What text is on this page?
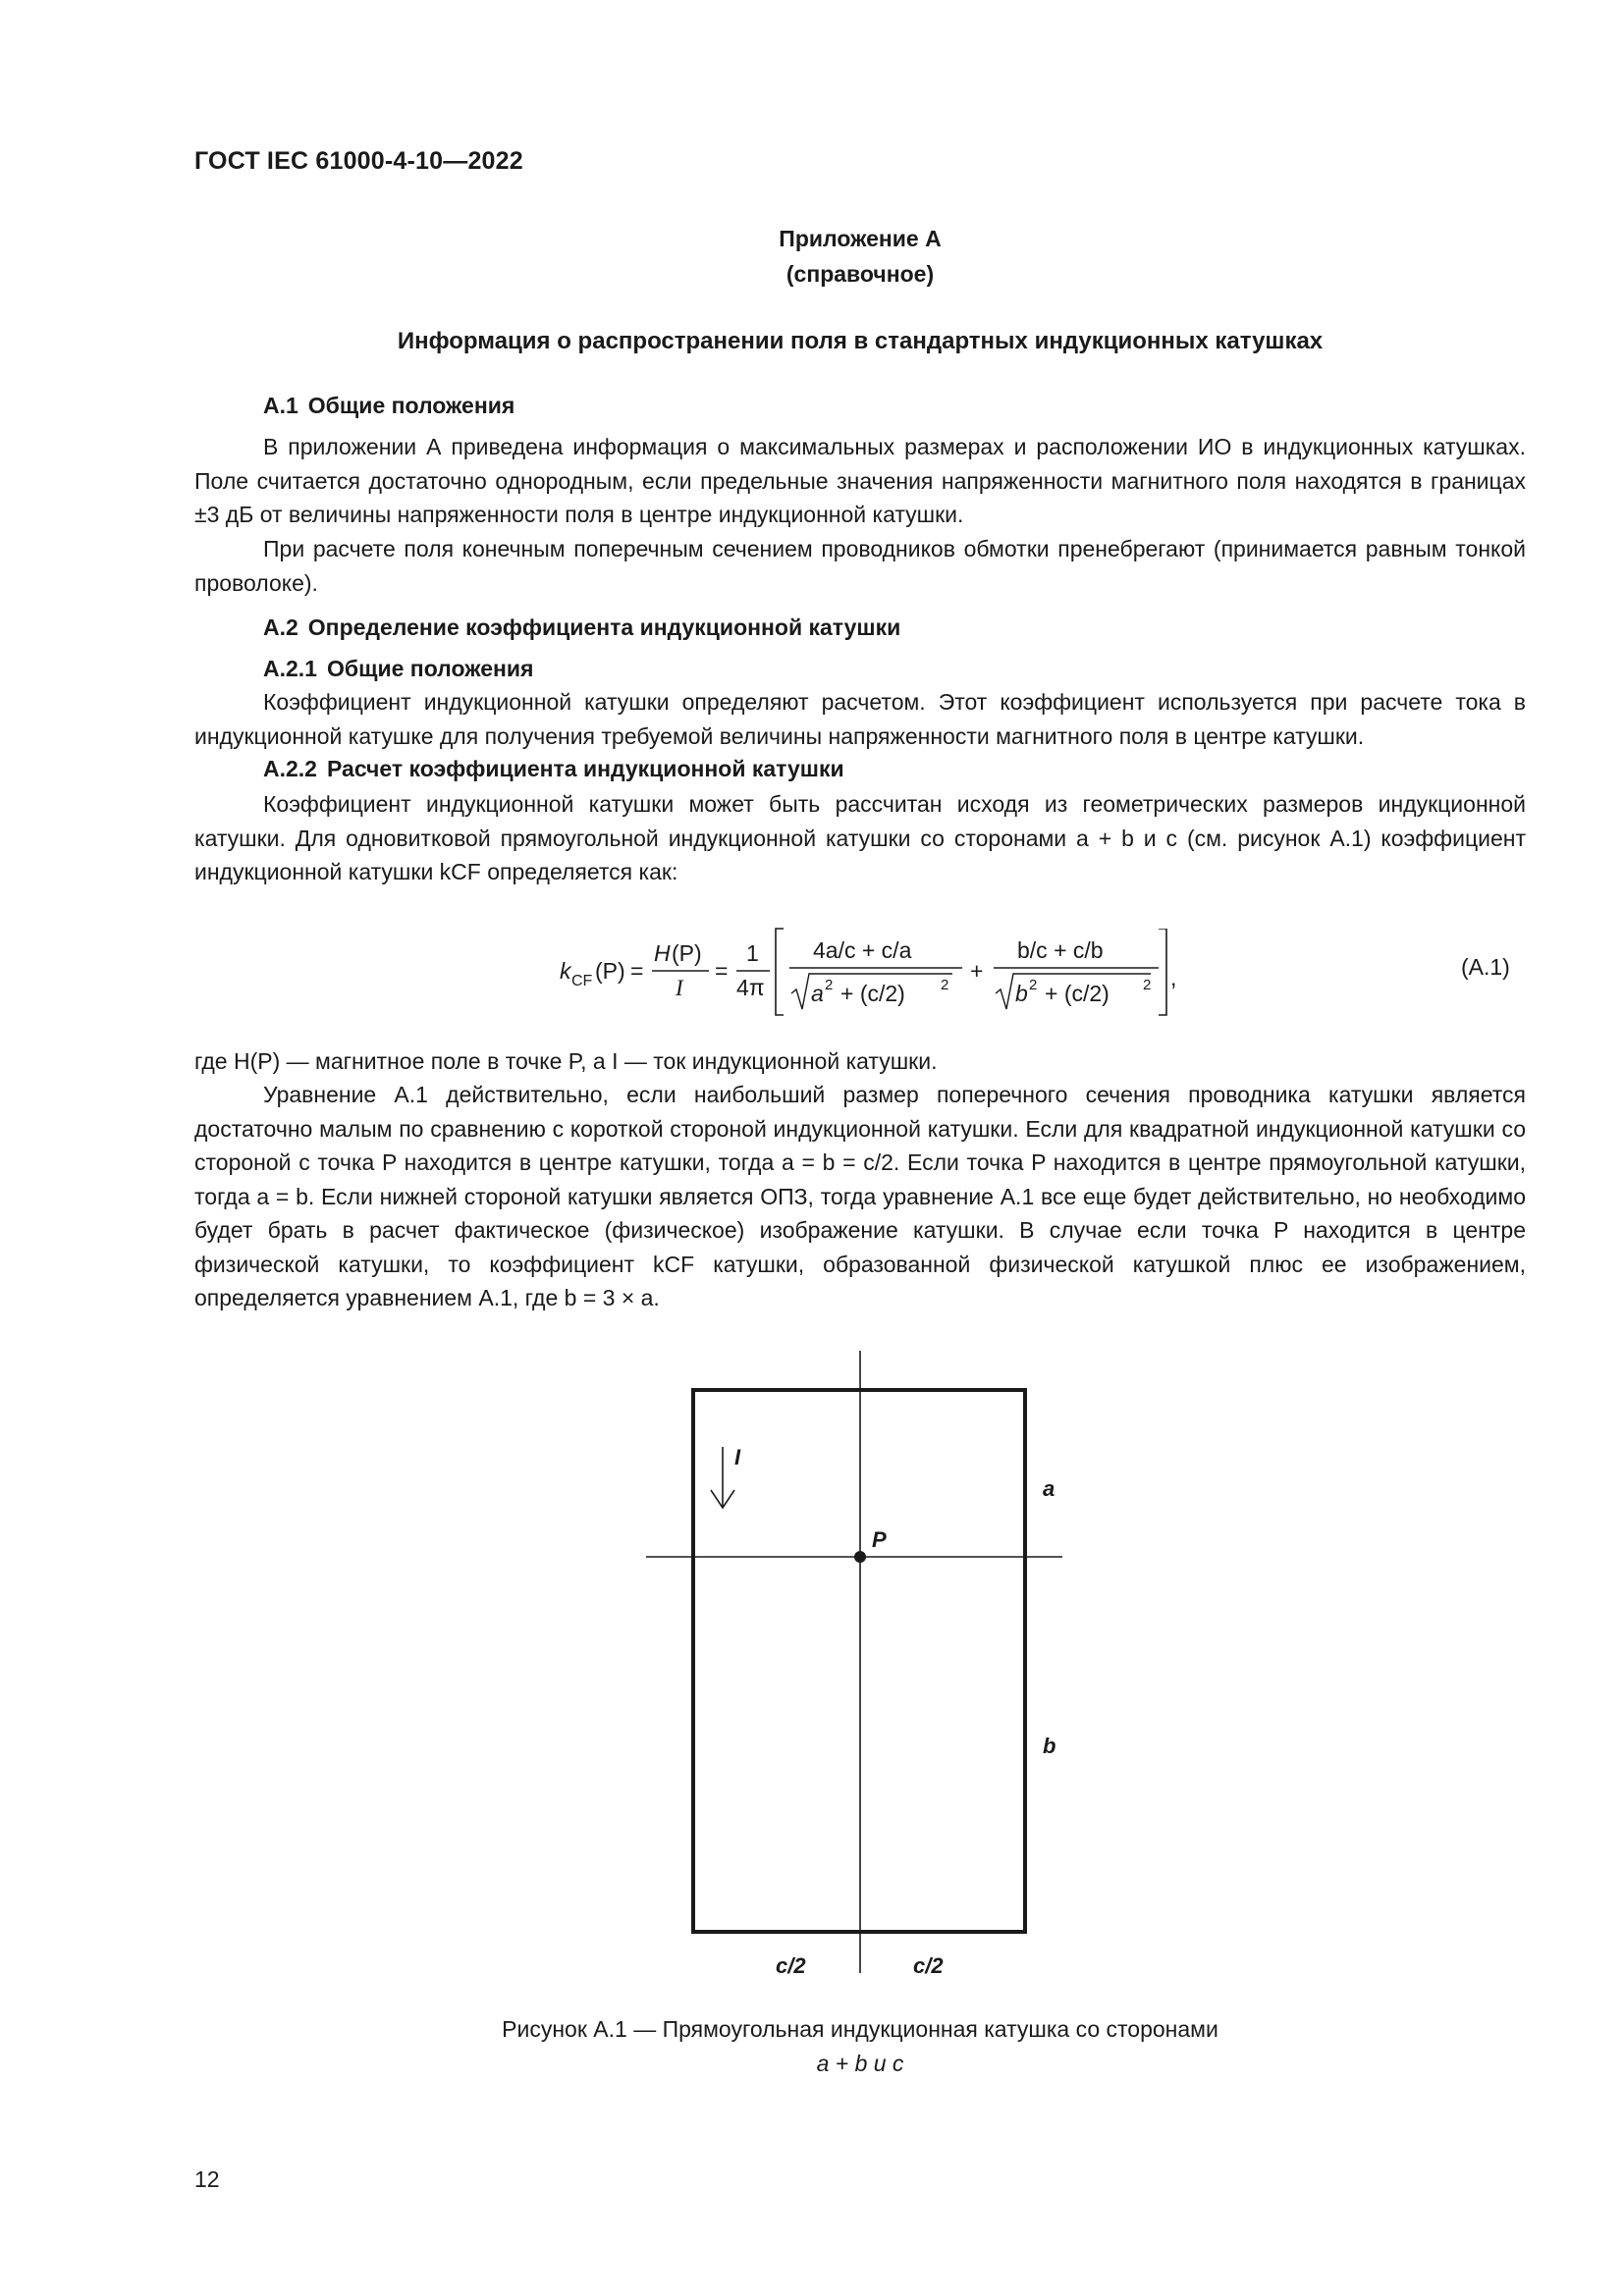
ГОСТ IEC 61000-4-10—2022
Приложение А
(справочное)
Информация о распространении поля в стандартных индукционных катушках
А.1 Общие положения
В приложении А приведена информация о максимальных размерах и расположении ИО в индукционных катушках. Поле считается достаточно однородным, если предельные значения напряженности магнитного поля находятся в границах ±3 дБ от величины напряженности поля в центре индукционной катушки.
При расчете поля конечным поперечным сечением проводников обмотки пренебрегают (принимается равным тонкой проволоке).
А.2 Определение коэффициента индукционной катушки
А.2.1 Общие положения
Коэффициент индукционной катушки определяют расчетом. Этот коэффициент используется при расчете тока в индукционной катушке для получения требуемой величины напряженности магнитного поля в центре катушки.
А.2.2 Расчет коэффициента индукционной катушки
Коэффициент индукционной катушки может быть рассчитан исходя из геометрических размеров индукционной катушки. Для одновитковой прямоугольной индукционной катушки со сторонами a + b и c (см. рисунок А.1) коэффициент индукционной катушки kCF определяется как:
k CF (P) =
H (P)
I
=
1
4π
4a/c + c/a
a 2 + (c/2) 2
+
b/c + c/b
b 2 + (c/2) 2 ,	(А.1)
где H(P) — магнитное поле в точке P, а I — ток индукционной катушки.
Уравнение А.1 действительно, если наибольший размер поперечного сечения проводника катушки является достаточно малым по сравнению с короткой стороной индукционной катушки. Если для квадратной индукционной катушки со стороной c точка P находится в центре катушки, тогда a = b = c/2. Если точка P находится в центре прямоугольной катушки, тогда a = b. Если нижней стороной катушки является ОПЗ, тогда уравнение А.1 все еще будет действительно, но необходимо будет брать в расчет фактическое (физическое) изображение катушки. В случае если точка P находится в центре физической катушки, то коэффициент kCF катушки, образованной физической катушкой плюс ее изображением, определяется уравнением А.1, где b = 3 × a.
P
I
a
b
c/2	c/2
Рисунок А.1 — Прямоугольная индукционная катушка со сторонами
a + b и c
12
